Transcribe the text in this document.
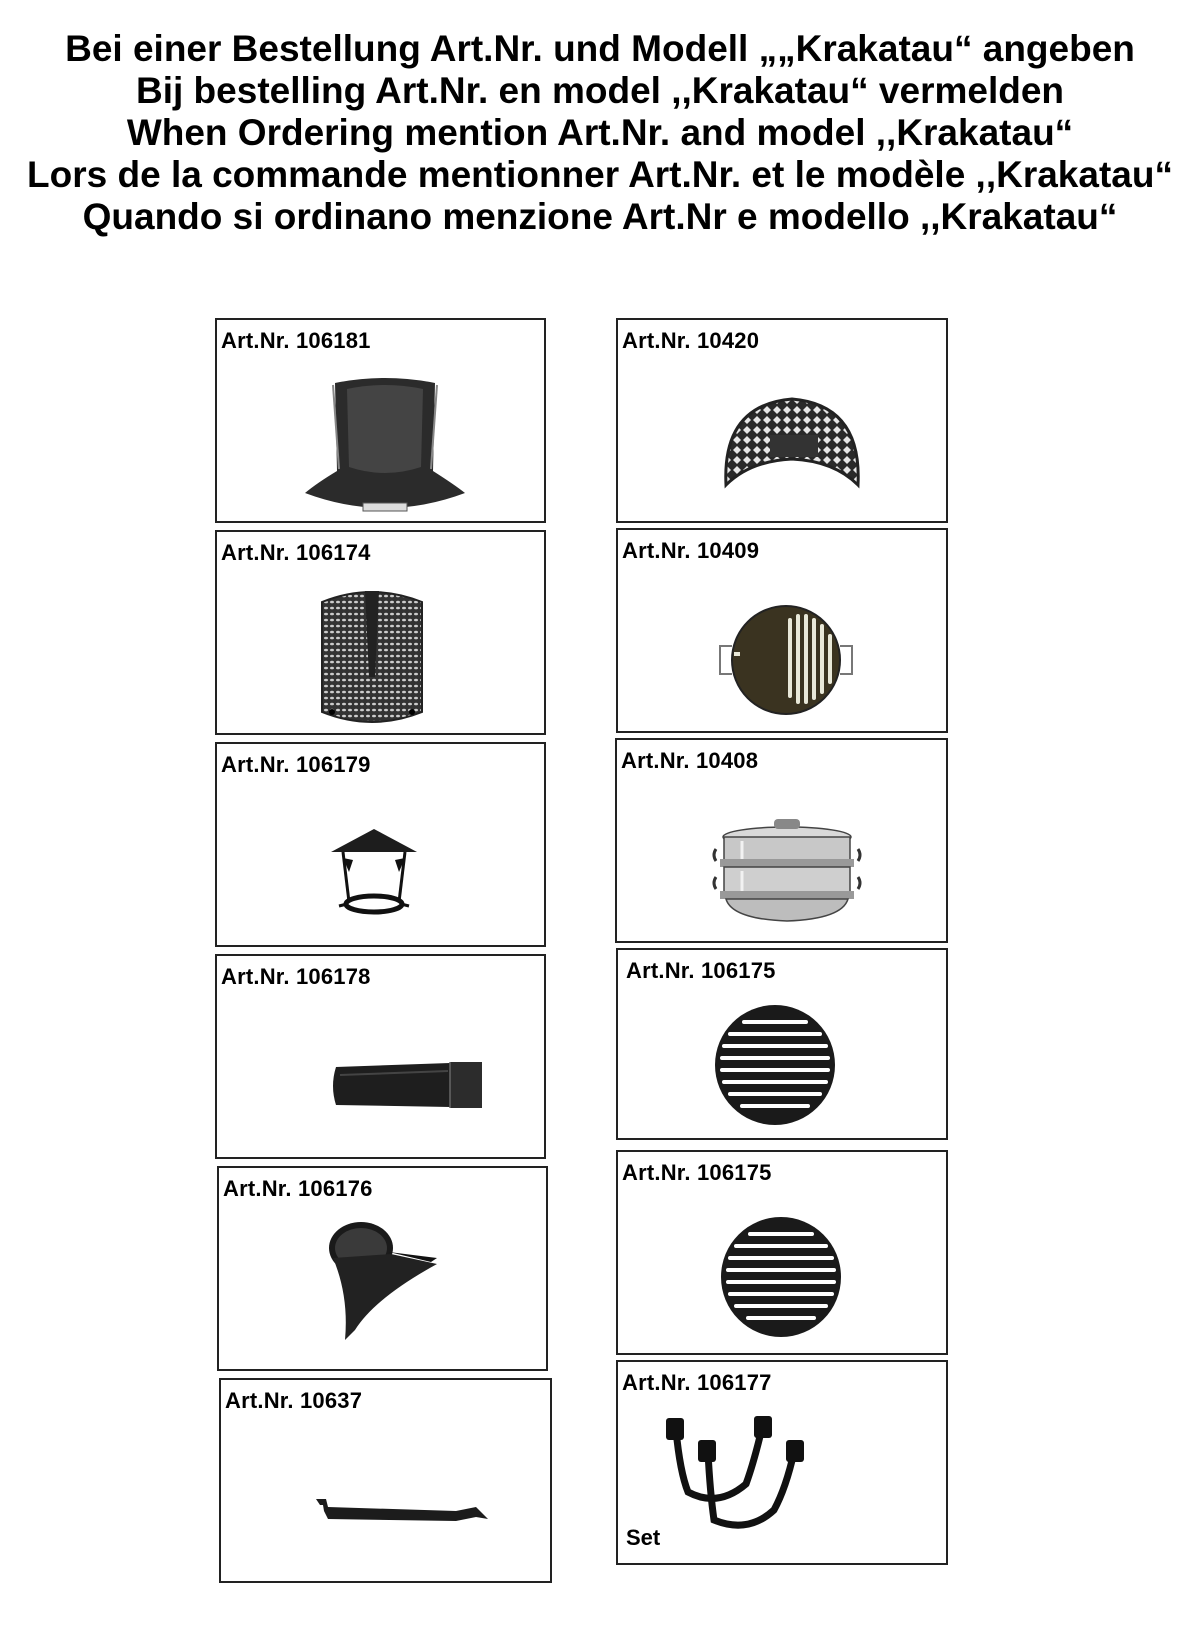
Bei einer Bestellung Art.Nr. und Modell „„Krakatau“ angeben
Bij bestelling Art.Nr. en model ,,Krakatau“ vermelden
When Ordering mention Art.Nr. and model ,,Krakatau“
Lors de la commande mentionner Art.Nr. et le modèle ,,Krakatau“
Quando si ordinano menzione Art.Nr e modello ,,Krakatau“
Art.Nr. 106181
Art.Nr. 106174
Art.Nr. 106179
Art.Nr. 106178
Art.Nr. 106176
Art.Nr. 10637
Art.Nr. 10420
Art.Nr. 10409
Art.Nr. 10408
Art.Nr. 106175
Art.Nr. 106175
Art.Nr. 106177
Set
